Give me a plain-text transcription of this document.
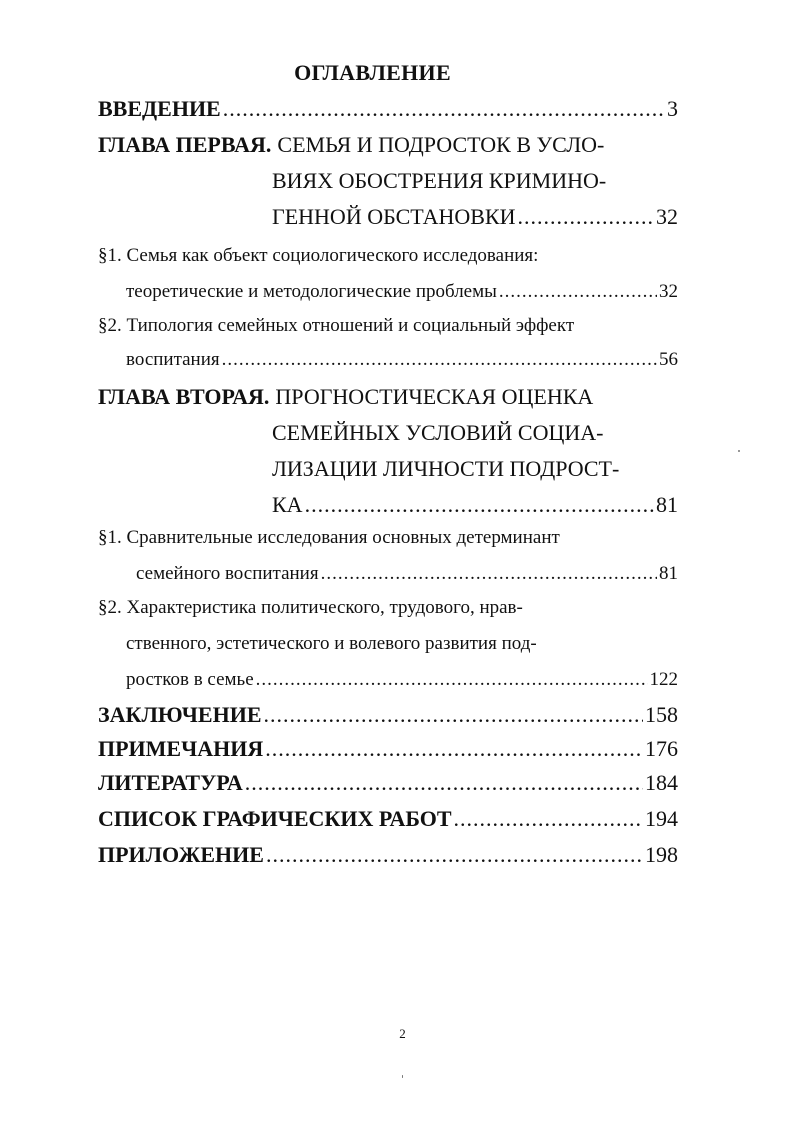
ОГЛАВЛЕНИЕ
ВВЕДЕНИЕ .....	3
ГЛАВА ПЕРВАЯ. СЕМЬЯ И ПОДРОСТОК В УСЛО-
ВИЯХ ОБОСТРЕНИЯ КРИМИНО-
ГЕННОЙ ОБСТАНОВКИ .....	32
§1. Семья как объект социологического исследования:
теоретические и методологические проблемы .....	32
§2. Типология семейных отношений и социальный эффект
воспитания .....	56
ГЛАВА ВТОРАЯ. ПРОГНОСТИЧЕСКАЯ ОЦЕНКА
СЕМЕЙНЫХ УСЛОВИЙ СОЦИА-
ЛИЗАЦИИ ЛИЧНОСТИ ПОДРОСТ-
КА .....	81
§1. Сравнительные исследования основных детерминант
семейного воспитания .....	81
§2. Характеристика политического, трудового, нрав-
ственного, эстетического и волевого развития под-
ростков в семье .....	122
ЗАКЛЮЧЕНИЕ .....	158
ПРИМЕЧАНИЯ .....	176
ЛИТЕРАТУРА .....	184
СПИСОК ГРАФИЧЕСКИХ РАБОТ .....	194
ПРИЛОЖЕНИЕ .....	198
2
